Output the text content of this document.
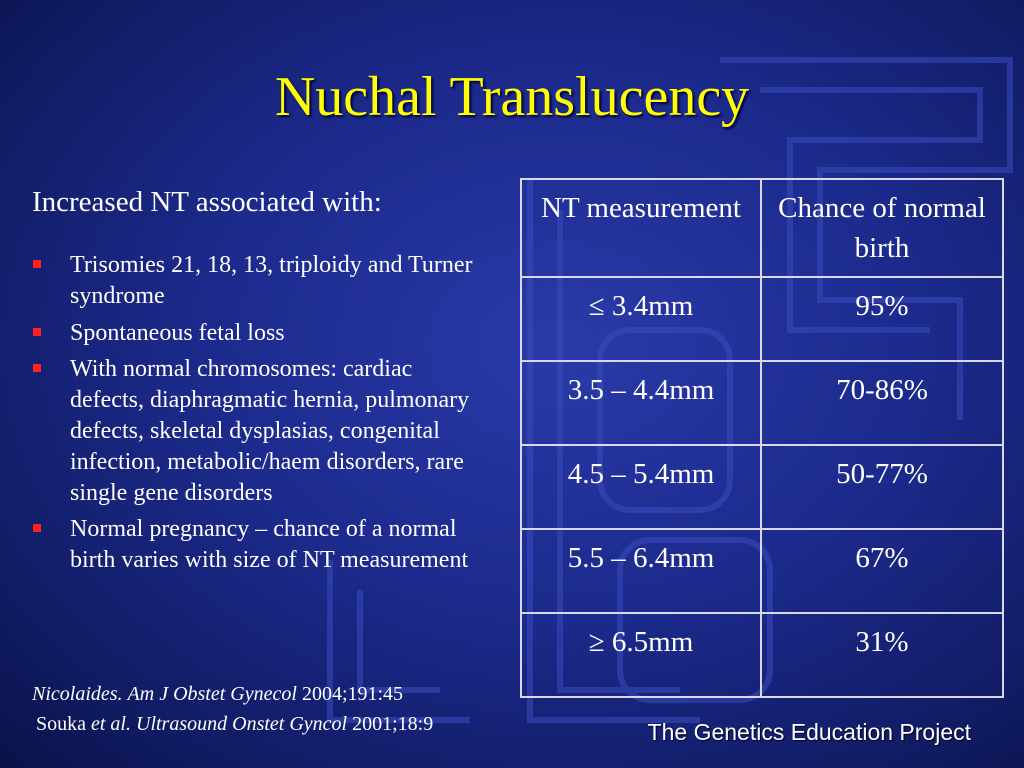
Nuchal Translucency
Increased NT associated with:
Trisomies 21, 18, 13, triploidy and Turner syndrome
Spontaneous fetal loss
With normal chromosomes: cardiac defects, diaphragmatic hernia, pulmonary defects, skeletal dysplasias, congenital infection, metabolic/haem disorders, rare single gene disorders
Normal pregnancy – chance of a normal birth varies with size of NT measurement
Nicolaides. Am J Obstet Gynecol 2004;191:45
Souka et al. Ultrasound Onstet Gyncol 2001;18:9
NT measurement	Chance of normal birth
≤ 3.4mm	95%
3.5 – 4.4mm	70-86%
4.5 – 5.4mm	50-77%
5.5 – 6.4mm	67%
≥ 6.5mm	31%
The Genetics Education Project
